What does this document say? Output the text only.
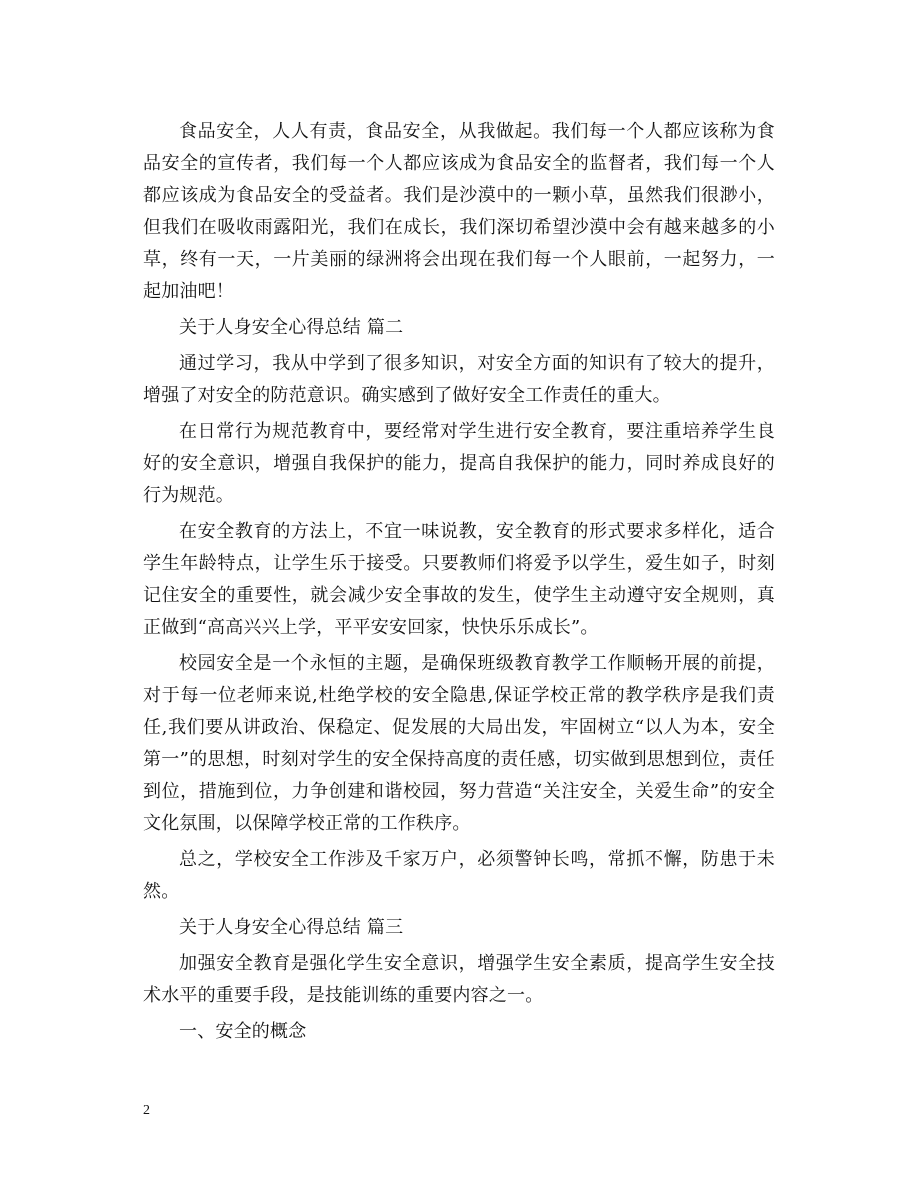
食品安全，人人有责，食品安全，从我做起。我们每一个人都应该称为食品安全的宣传者，我们每一个人都应该成为食品安全的监督者，我们每一个人都应该成为食品安全的受益者。我们是沙漠中的一颗小草，虽然我们很渺小，但我们在吸收雨露阳光，我们在成长，我们深切希望沙漠中会有越来越多的小草，终有一天，一片美丽的绿洲将会出现在我们每一个人眼前，一起努力，一起加油吧！

关于人身安全心得总结 篇二

通过学习，我从中学到了很多知识，对安全方面的知识有了较大的提升，增强了对安全的防范意识。确实感到了做好安全工作责任的重大。

在日常行为规范教育中，要经常对学生进行安全教育，要注重培养学生良好的安全意识，增强自我保护的能力，提高自我保护的能力，同时养成良好的行为规范。

在安全教育的方法上，不宜一味说教，安全教育的形式要求多样化，适合学生年龄特点，让学生乐于接受。只要教师们将爱予以学生，爱生如子，时刻记住安全的重要性，就会减少安全事故的发生，使学生主动遵守安全规则，真正做到“高高兴兴上学，平平安安回家，快快乐乐成长”。

校园安全是一个永恒的主题，是确保班级教育教学工作顺畅开展的前提，对于每一位老师来说,杜绝学校的安全隐患,保证学校正常的教学秩序是我们责任,我们要从讲政治、保稳定、促发展的大局出发，牢固树立“以人为本，安全第一”的思想，时刻对学生的安全保持高度的责任感，切实做到思想到位，责任到位，措施到位，力争创建和谐校园，努力营造“关注安全，关爱生命”的安全文化氛围，以保障学校正常的工作秩序。

总之，学校安全工作涉及千家万户，必须警钟长鸣，常抓不懈，防患于未然。

关于人身安全心得总结 篇三

加强安全教育是强化学生安全意识，增强学生安全素质，提高学生安全技术水平的重要手段，是技能训练的重要内容之一。

一、安全的概念

2
